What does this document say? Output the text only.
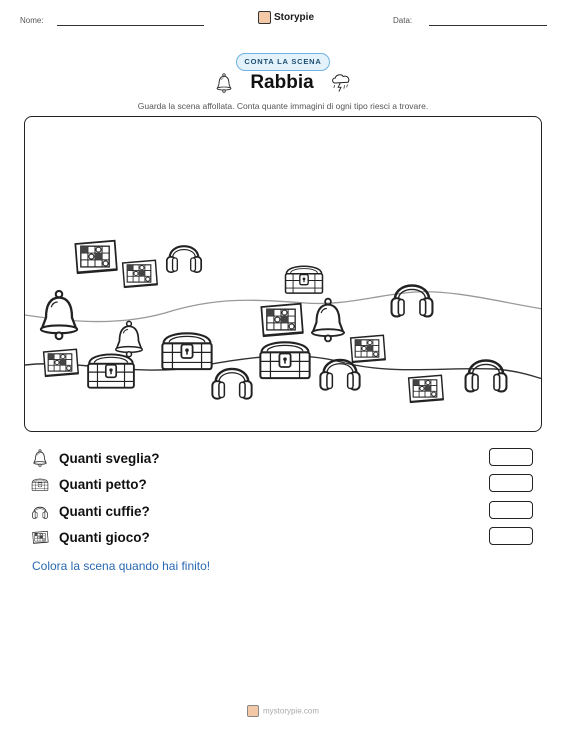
Nome:	Storypie	Data:
CONTA LA SCENA
Rabbia
Guarda la scena affollata. Conta quante immagini di ogni tipo riesci a trovare.
Quanti sveglia?
Quanti petto?
Quanti cuffie?
Quanti gioco?
Colora la scena quando hai finito!
mystorypie.com
